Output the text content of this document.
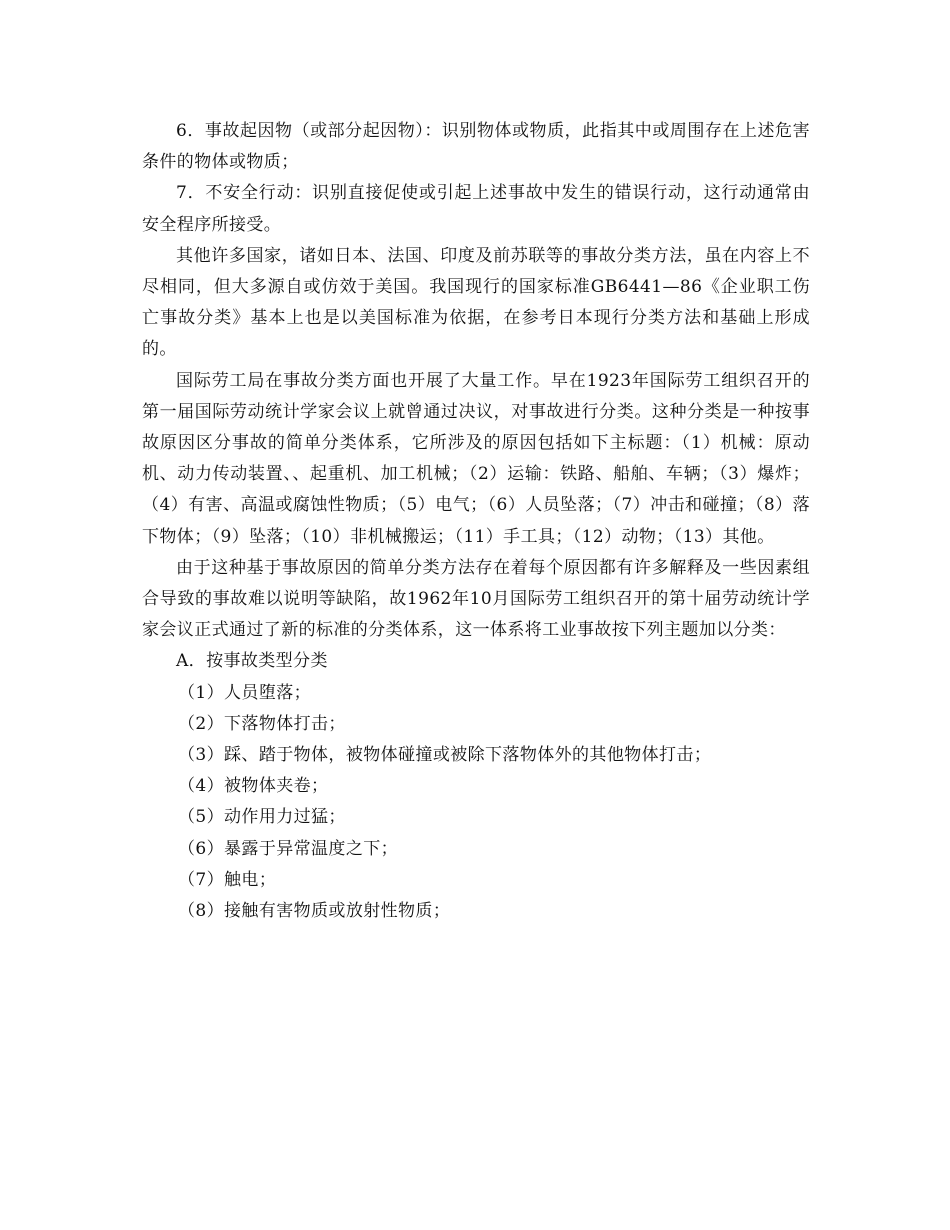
6．事故起因物（或部分起因物）：识别物体或物质，此指其中或周围存在上述危害条件的物体或物质；

7．不安全行动：识别直接促使或引起上述事故中发生的错误行动，这行动通常由安全程序所接受。

其他许多国家，诸如日本、法国、印度及前苏联等的事故分类方法，虽在内容上不尽相同，但大多源自或仿效于美国。我国现行的国家标准GB6441—86《企业职工伤亡事故分类》基本上也是以美国标准为依据，在参考日本现行分类方法和基础上形成的。

国际劳工局在事故分类方面也开展了大量工作。早在1923年国际劳工组织召开的第一届国际劳动统计学家会议上就曾通过决议，对事故进行分类。这种分类是一种按事故原因区分事故的简单分类体系，它所涉及的原因包括如下主标题：（1）机械：原动机、动力传动装置、、起重机、加工机械；（2）运输：铁路、船舶、车辆；（3）爆炸；（4）有害、高温或腐蚀性物质；（5）电气；（6）人员坠落；（7）冲击和碰撞；（8）落下物体；（9）坠落；（10）非机械搬运；（11）手工具；（12）动物；（13）其他。

由于这种基于事故原因的简单分类方法存在着每个原因都有许多解释及一些因素组合导致的事故难以说明等缺陷，故1962年10月国际劳工组织召开的第十届劳动统计学家会议正式通过了新的标准的分类体系，这一体系将工业事故按下列主题加以分类：

A．按事故类型分类

（1）人员堕落；

（2）下落物体打击；

（3）踩、踏于物体，被物体碰撞或被除下落物体外的其他物体打击；

（4）被物体夹卷；

（5）动作用力过猛；

（6）暴露于异常温度之下；

（7）触电；

（8）接触有害物质或放射性物质；
